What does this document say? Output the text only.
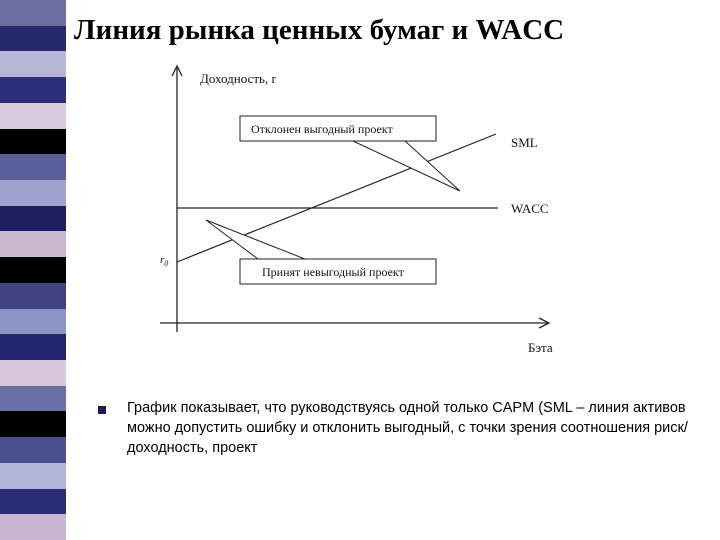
Линия рынка ценных бумаг и WACC
Доходность, r
Бэта
$r_0$
SML
WACC
Отклонен выгодный проект
Принят невыгодный проект
График показывает, что руководствуясь одной только CAPM (SML – линия активов можно допустить ошибку и отклонить выгодный, с точки зрения соотношения риск/доходность, проект
